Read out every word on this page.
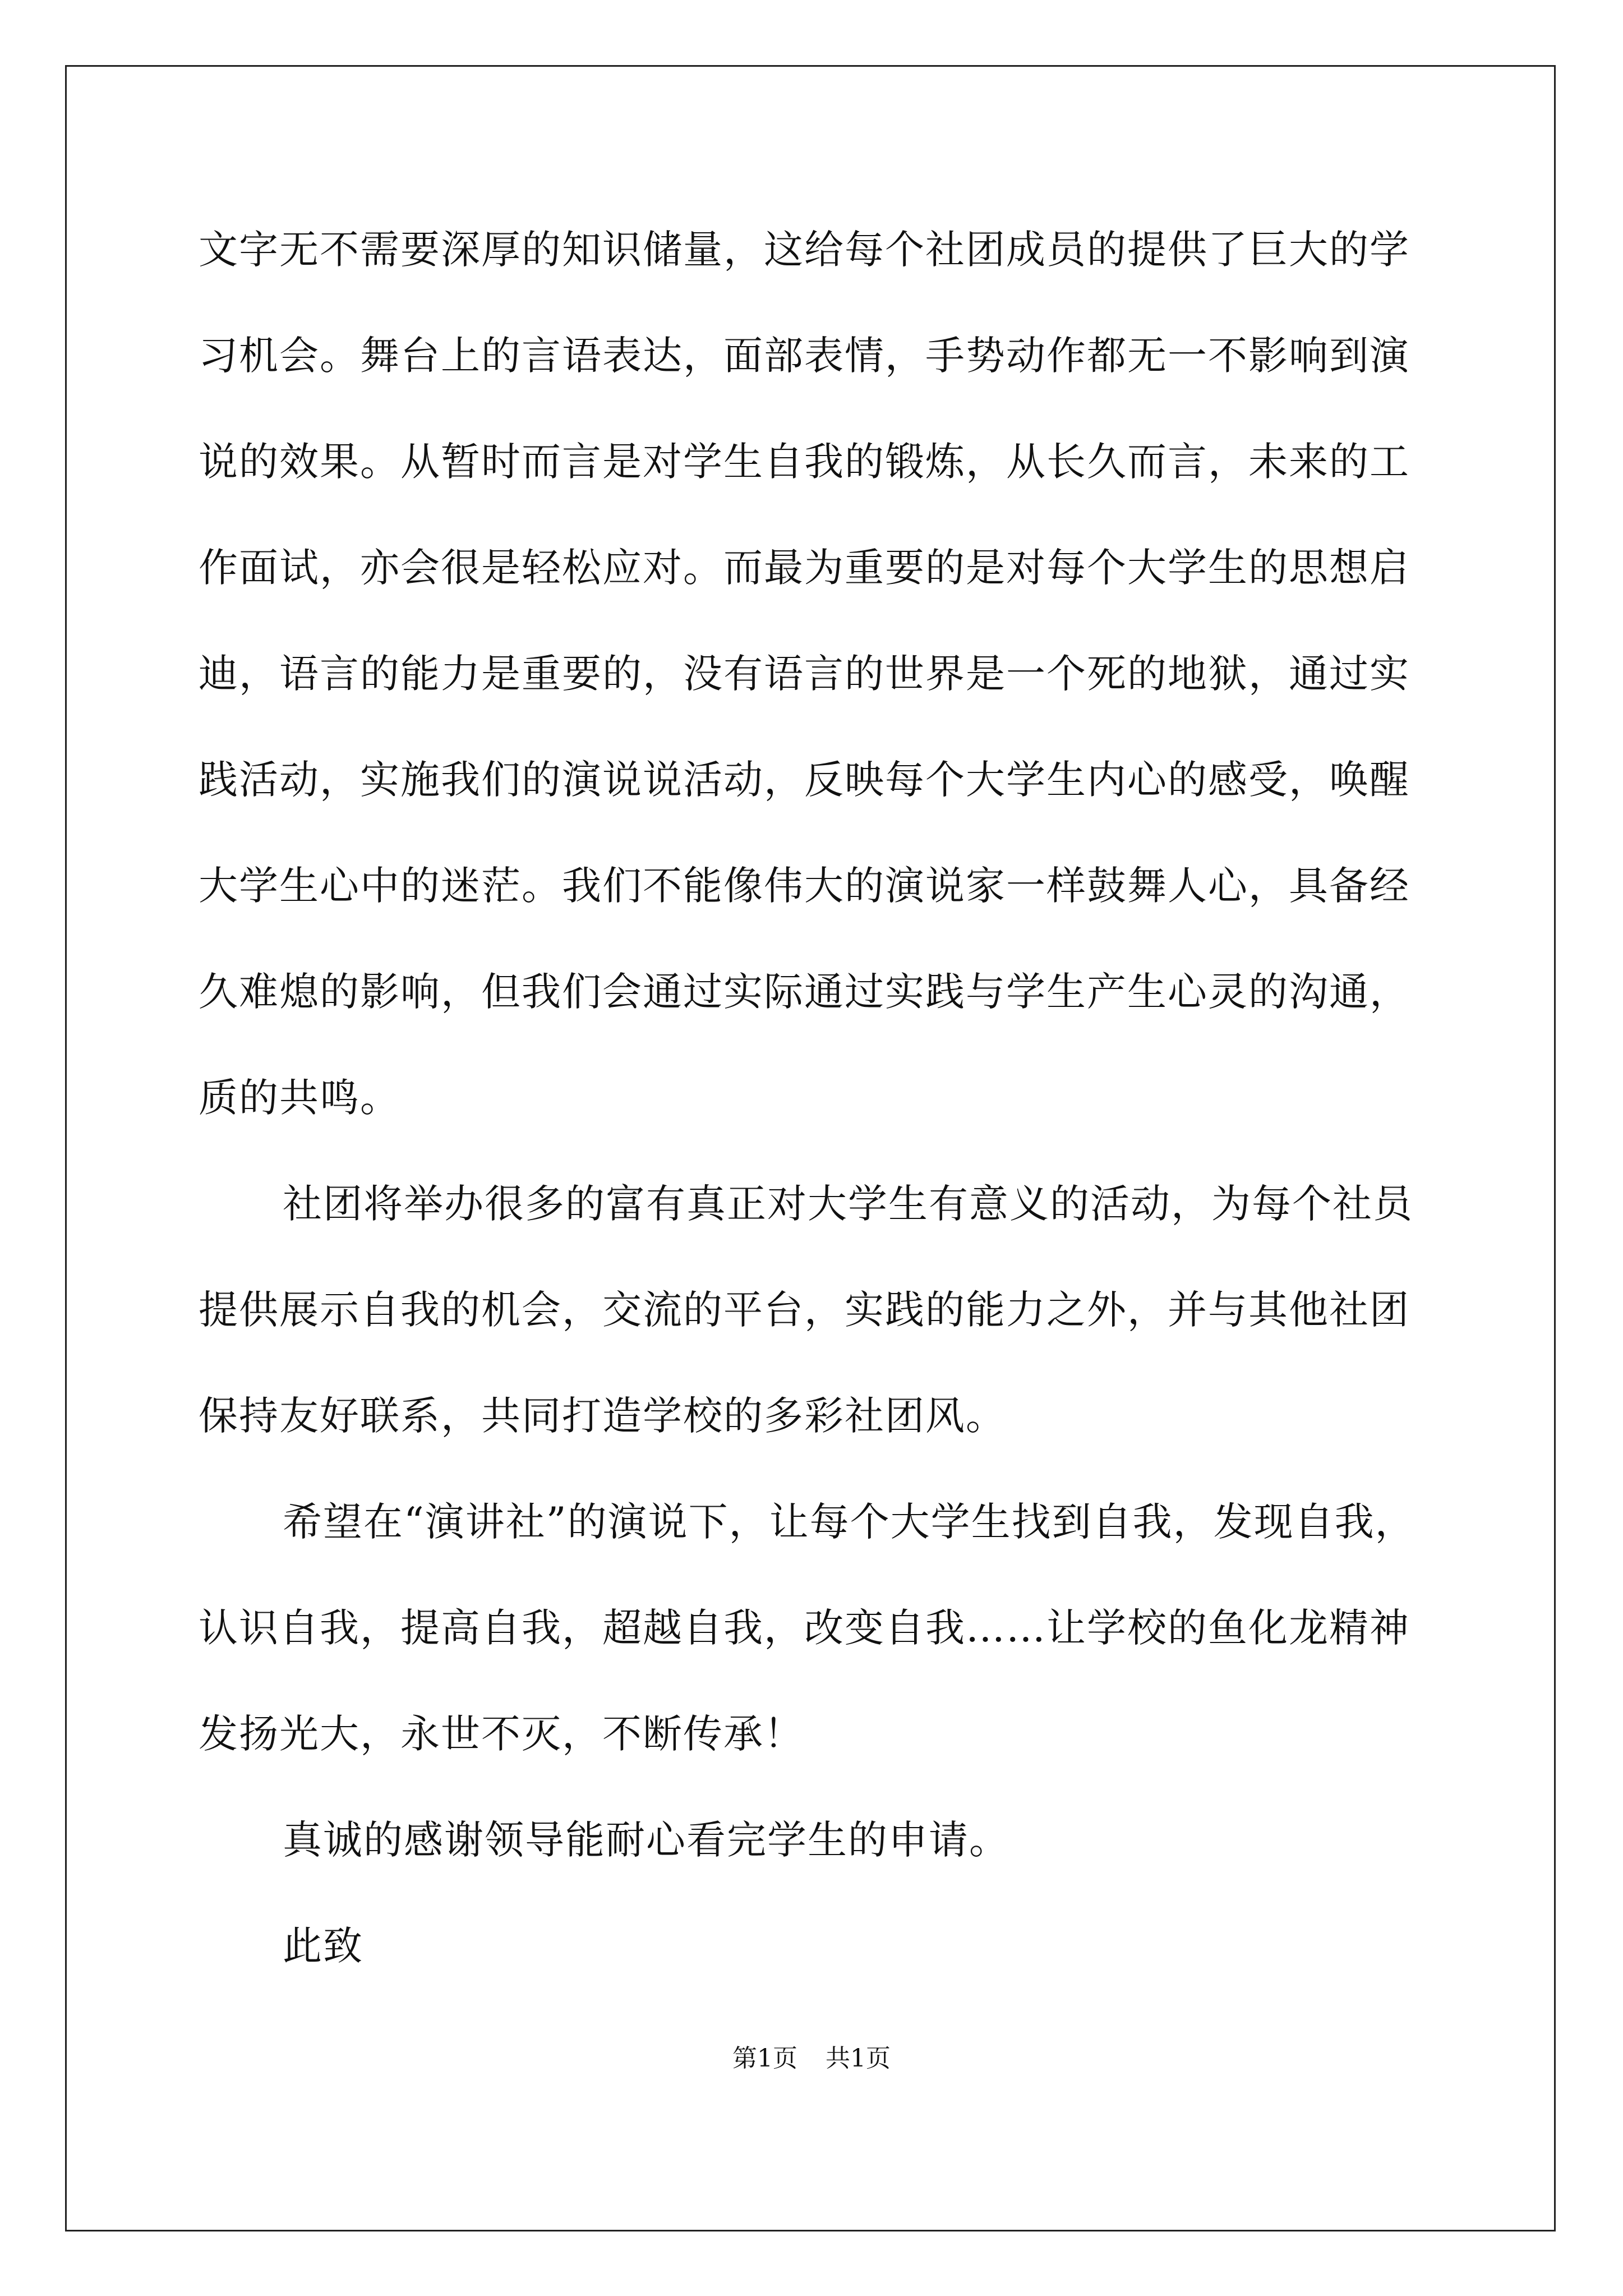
文字无不需要深厚的知识储量，这给每个社团成员的提供了巨大的学
习机会。舞台上的言语表达，面部表情，手势动作都无一不影响到演
说的效果。从暂时而言是对学生自我的锻炼，从长久而言，未来的工
作面试，亦会很是轻松应对。而最为重要的是对每个大学生的思想启
迪，语言的能力是重要的，没有语言的世界是一个死的地狱，通过实
践活动，实施我们的演说说活动，反映每个大学生内心的感受，唤醒
大学生心中的迷茫。我们不能像伟大的演说家一样鼓舞人心，具备经
久难熄的影响，但我们会通过实际通过实践与学生产生心灵的沟通，
质的共鸣。
社团将举办很多的富有真正对大学生有意义的活动，为每个社员
提供展示自我的机会，交流的平台，实践的能力之外，并与其他社团
保持友好联系，共同打造学校的多彩社团风。
希望在“演讲社”的演说下，让每个大学生找到自我，发现自我，
认识自我，提高自我，超越自我，改变自我……让学校的鱼化龙精神
发扬光大，永世不灭，不断传承！
真诚的感谢领导能耐心看完学生的申请。
此致
第1页 共1页
